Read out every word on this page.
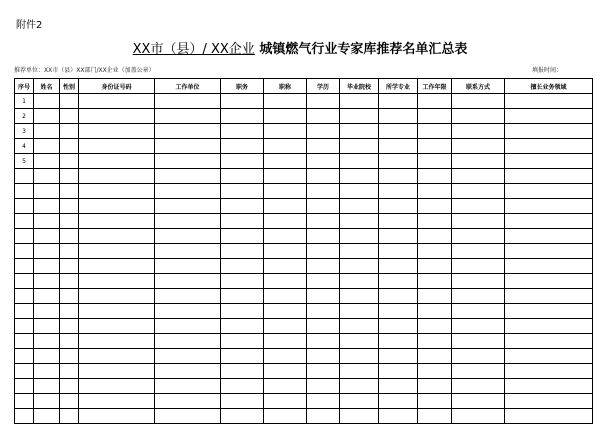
附件2
XX市（县）/ XX企业 城镇燃气行业专家库推荐名单汇总表
推荐单位：XX市（县）XX部门/XX企业（加盖公章）	填报时间：
序号	姓名	性别	身份证号码	工作单位	职务	职称	学历	毕业院校	所学专业	工作年限	联系方式	擅长业务领域
1												
2												
3												
4												
5												
